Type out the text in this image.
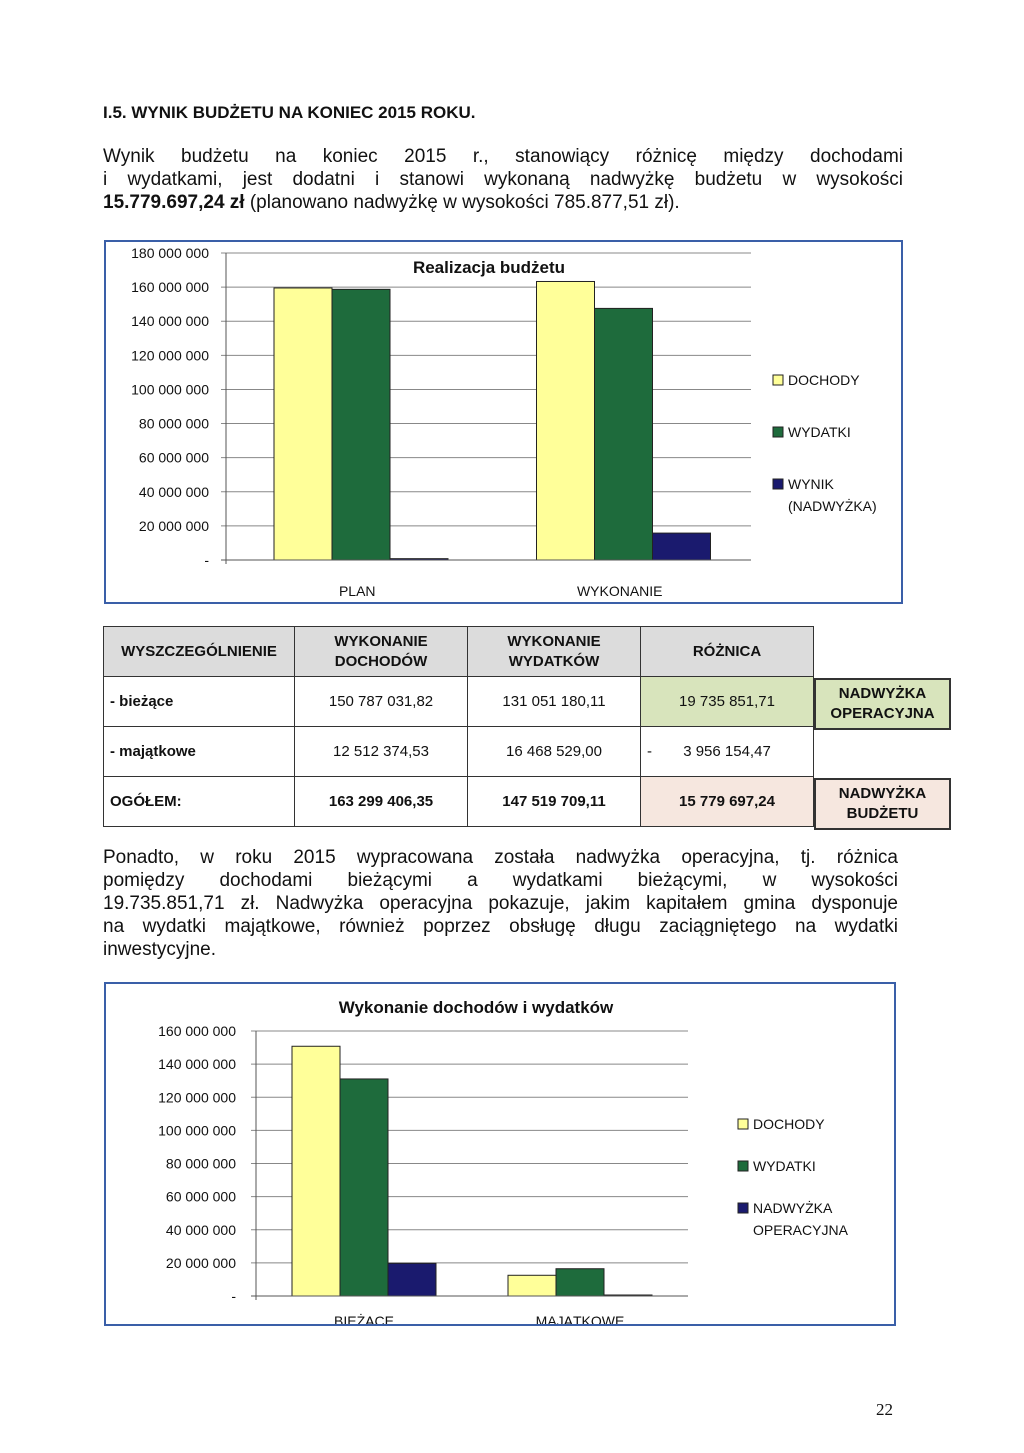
I.5. WYNIK BUDŻETU NA KONIEC 2015 ROKU.
Wynik budżetu na koniec 2015 r., stanowiący różnicę między dochodami
i wydatkami, jest dodatni i stanowi wykonaną nadwyżkę budżetu w wysokości
15.779.697,24 zł (planowano nadwyżkę w wysokości 785.877,51 zł).
180 000 000
160 000 000
140 000 000
120 000 000
100 000 000
80 000 000
60 000 000
40 000 000
20 000 000
-
Realizacja budżetu
PLAN	WYKONANIE
DOCHODY
WYDATKI
WYNIK
(NADWYŻKA)
WYSZCZEGÓLNIENIE	WYKONANIE DOCHODÓW	WYKONANIE WYDATKÓW	RÓŻNICA
- bieżące	150 787 031,82	131 051 180,11	19 735 851,71
- majątkowe	12 512 374,53	16 468 529,00	- 3 956 154,47
OGÓŁEM:	163 299 406,35	147 519 709,11	15 779 697,24
NADWYŻKA OPERACYJNA
NADWYŻKA BUDŻETU
Ponadto, w roku 2015 wypracowana została nadwyżka operacyjna, tj. różnica
pomiędzy dochodami bieżącymi a wydatkami bieżącymi, w wysokości
19.735.851,71 zł. Nadwyżka operacyjna pokazuje, jakim kapitałem gmina dysponuje
na wydatki majątkowe, również poprzez obsługę długu zaciągniętego na wydatki
inwestycyjne.
160 000 000
140 000 000
120 000 000
100 000 000
80 000 000
60 000 000
40 000 000
20 000 000
-
Wykonanie dochodów i wydatków
BIEŻĄCE	MAJĄTKOWE
DOCHODY
WYDATKI
NADWYŻKA
OPERACYJNA
22
